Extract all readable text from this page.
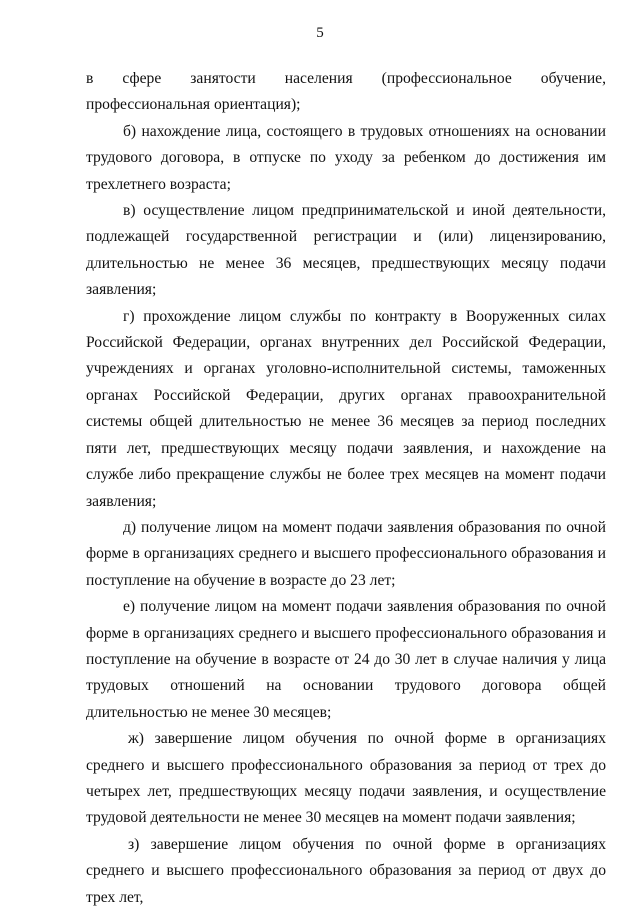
5

в сфере занятости населения (профессиональное обучение, профессиональная ориентация);

б) нахождение лица, состоящего в трудовых отношениях на основании трудового договора, в отпуске по уходу за ребенком до достижения им трехлетнего возраста;

в) осуществление лицом предпринимательской и иной деятельности, подлежащей государственной регистрации и (или) лицензированию, длительностью не менее 36 месяцев, предшествующих месяцу подачи заявления;

г) прохождение лицом службы по контракту в Вооруженных силах Российской Федерации, органах внутренних дел Российской Федерации, учреждениях и органах уголовно-исполнительной системы, таможенных органах Российской Федерации, других органах правоохранительной системы общей длительностью не менее 36 месяцев за период последних пяти лет, предшествующих месяцу подачи заявления, и нахождение на службе либо прекращение службы не более трех месяцев на момент подачи заявления;

д) получение лицом на момент подачи заявления образования по очной форме в организациях среднего и высшего профессионального образования и поступление на обучение в возрасте до 23 лет;

е) получение лицом на момент подачи заявления образования по очной форме в организациях среднего и высшего профессионального образования и поступление на обучение в возрасте от 24 до 30 лет в случае наличия у лица трудовых отношений на основании трудового договора общей длительностью не менее 30 месяцев;

ж) завершение лицом обучения по очной форме в организациях среднего и высшего профессионального образования за период от трех до четырех лет, предшествующих месяцу подачи заявления, и осуществление трудовой деятельности не менее 30 месяцев на момент подачи заявления;

з) завершение лицом обучения по очной форме в организациях среднего и высшего профессионального образования за период от двух до трех лет,
